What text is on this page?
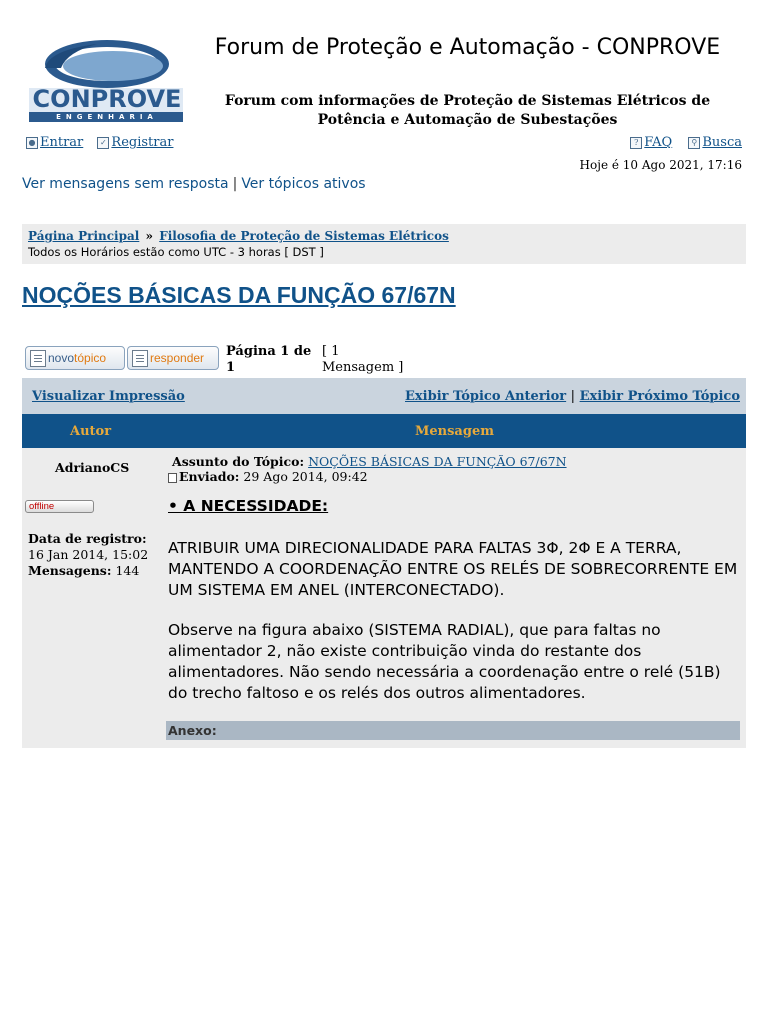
CONPROVE
ENGENHARIA
Forum de Proteção e Automação - CONPROVE
Forum com informações de Proteção de Sistemas Elétricos de Potência e Automação de Subestações
● Entrar ✓ Registrar	? FAQ ⚲ Busca
Hoje é 10 Ago 2021, 17:16
Ver mensagens sem resposta | Ver tópicos ativos
Página Principal » Filosofia de Proteção de Sistemas Elétricos
Todos os Horários estão como UTC - 3 horas [ DST ]
NOÇÕES BÁSICAS DA FUNÇÃO 67/67N
novotópico	responder Página 1 de 1
[ 1 Mensagem ]
Visualizar Impressão	Exibir Tópico Anterior | Exibir Próximo Tópico
Autor	Mensagem
AdrianoCS
offline
Data de registro: 16 Jan 2014, 15:02
Mensagens: 144
Assunto do Tópico: NOÇÕES BÁSICAS DA FUNÇÃO 67/67N
Enviado: 29 Ago 2014, 09:42
• A NECESSIDADE:

ATRIBUIR UMA DIRECIONALIDADE PARA FALTAS 3Φ, 2Φ E A TERRA, MANTENDO A COORDENAÇÃO ENTRE OS RELÉS DE SOBRECORRENTE EM UM SISTEMA EM ANEL (INTERCONECTADO).

Observe na figura abaixo (SISTEMA RADIAL), que para faltas no alimentador 2, não existe contribuição vinda do restante dos alimentadores. Não sendo necessária a coordenação entre o relé (51B) do trecho faltoso e os relés dos outros alimentadores.

Anexo:
